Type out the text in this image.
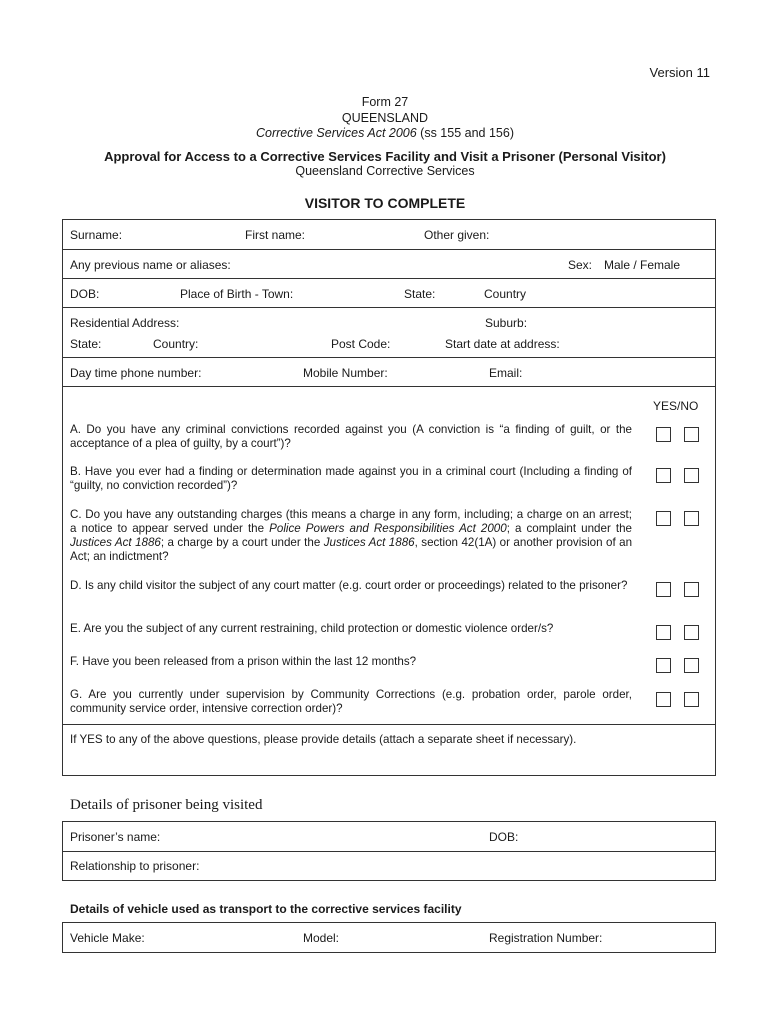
Version 11
Form 27
QUEENSLAND
Corrective Services Act 2006 (ss 155 and 156)
Approval for Access to a Corrective Services Facility and Visit a Prisoner (Personal Visitor)
Queensland Corrective Services
VISITOR TO COMPLETE
Surname:	First name:	Other given:
Any previous name or aliases:	Sex: Male / Female
DOB:	Place of Birth - Town:	State:	Country
Residential Address:	Suburb:
State:	Country:	Post Code:	Start date at address:
Day time phone number:	Mobile Number:	Email:
YES/NO
A. Do you have any criminal convictions recorded against you (A conviction is “a finding of guilt, or the acceptance of a plea of guilty, by a court”)?
B. Have you ever had a finding or determination made against you in a criminal court (Including a finding of “guilty, no conviction recorded”)?
C. Do you have any outstanding charges (this means a charge in any form, including; a charge on an arrest; a notice to appear served under the Police Powers and Responsibilities Act 2000; a complaint under the Justices Act 1886; a charge by a court under the Justices Act 1886, section 42(1A) or another provision of an Act; an indictment?
D. Is any child visitor the subject of any court matter (e.g. court order or proceedings) related to the prisoner?
E. Are you the subject of any current restraining, child protection or domestic violence order/s?
F. Have you been released from a prison within the last 12 months?
G. Are you currently under supervision by Community Corrections (e.g. probation order, parole order, community service order, intensive correction order)?
If YES to any of the above questions, please provide details (attach a separate sheet if necessary).
Details of prisoner being visited
Prisoner’s name:	DOB:
Relationship to prisoner:
Details of vehicle used as transport to the corrective services facility
Vehicle Make:	Model:	Registration Number:
